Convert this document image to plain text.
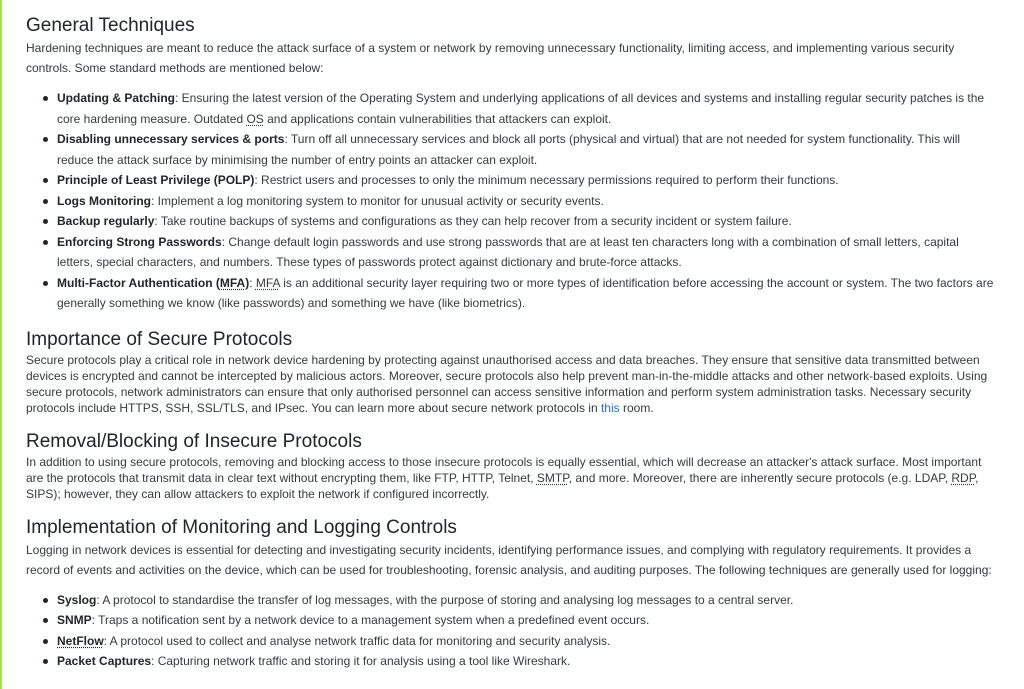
General Techniques

Hardening techniques are meant to reduce the attack surface of a system or network by removing unnecessary functionality, limiting access, and implementing various security controls. Some standard methods are mentioned below:

Updating & Patching: Ensuring the latest version of the Operating System and underlying applications of all devices and systems and installing regular security patches is the core hardening measure. Outdated OS and applications contain vulnerabilities that attackers can exploit.
Disabling unnecessary services & ports: Turn off all unnecessary services and block all ports (physical and virtual) that are not needed for system functionality. This will reduce the attack surface by minimising the number of entry points an attacker can exploit.
Principle of Least Privilege (POLP): Restrict users and processes to only the minimum necessary permissions required to perform their functions.
Logs Monitoring: Implement a log monitoring system to monitor for unusual activity or security events.
Backup regularly: Take routine backups of systems and configurations as they can help recover from a security incident or system failure.
Enforcing Strong Passwords: Change default login passwords and use strong passwords that are at least ten characters long with a combination of small letters, capital letters, special characters, and numbers. These types of passwords protect against dictionary and brute-force attacks.
Multi-Factor Authentication (MFA): MFA is an additional security layer requiring two or more types of identification before accessing the account or system. The two factors are generally something we know (like passwords) and something we have (like biometrics).
Importance of Secure Protocols

Secure protocols play a critical role in network device hardening by protecting against unauthorised access and data breaches. They ensure that sensitive data transmitted between devices is encrypted and cannot be intercepted by malicious actors. Moreover, secure protocols also help prevent man-in-the-middle attacks and other network-based exploits. Using secure protocols, network administrators can ensure that only authorised personnel can access sensitive information and perform system administration tasks. Necessary security protocols include HTTPS, SSH, SSL/TLS, and IPsec. You can learn more about secure network protocols in this room.

Removal/Blocking of Insecure Protocols

In addition to using secure protocols, removing and blocking access to those insecure protocols is equally essential, which will decrease an attacker's attack surface. Most important are the protocols that transmit data in clear text without encrypting them, like FTP, HTTP, Telnet, SMTP, and more. Moreover, there are inherently secure protocols (e.g. LDAP, RDP, SIPS); however, they can allow attackers to exploit the network if configured incorrectly.

Implementation of Monitoring and Logging Controls

Logging in network devices is essential for detecting and investigating security incidents, identifying performance issues, and complying with regulatory requirements. It provides a record of events and activities on the device, which can be used for troubleshooting, forensic analysis, and auditing purposes. The following techniques are generally used for logging:

Syslog: A protocol to standardise the transfer of log messages, with the purpose of storing and analysing log messages to a central server.
SNMP: Traps a notification sent by a network device to a management system when a predefined event occurs.
NetFlow: A protocol used to collect and analyse network traffic data for monitoring and security analysis.
Packet Captures: Capturing network traffic and storing it for analysis using a tool like Wireshark.
